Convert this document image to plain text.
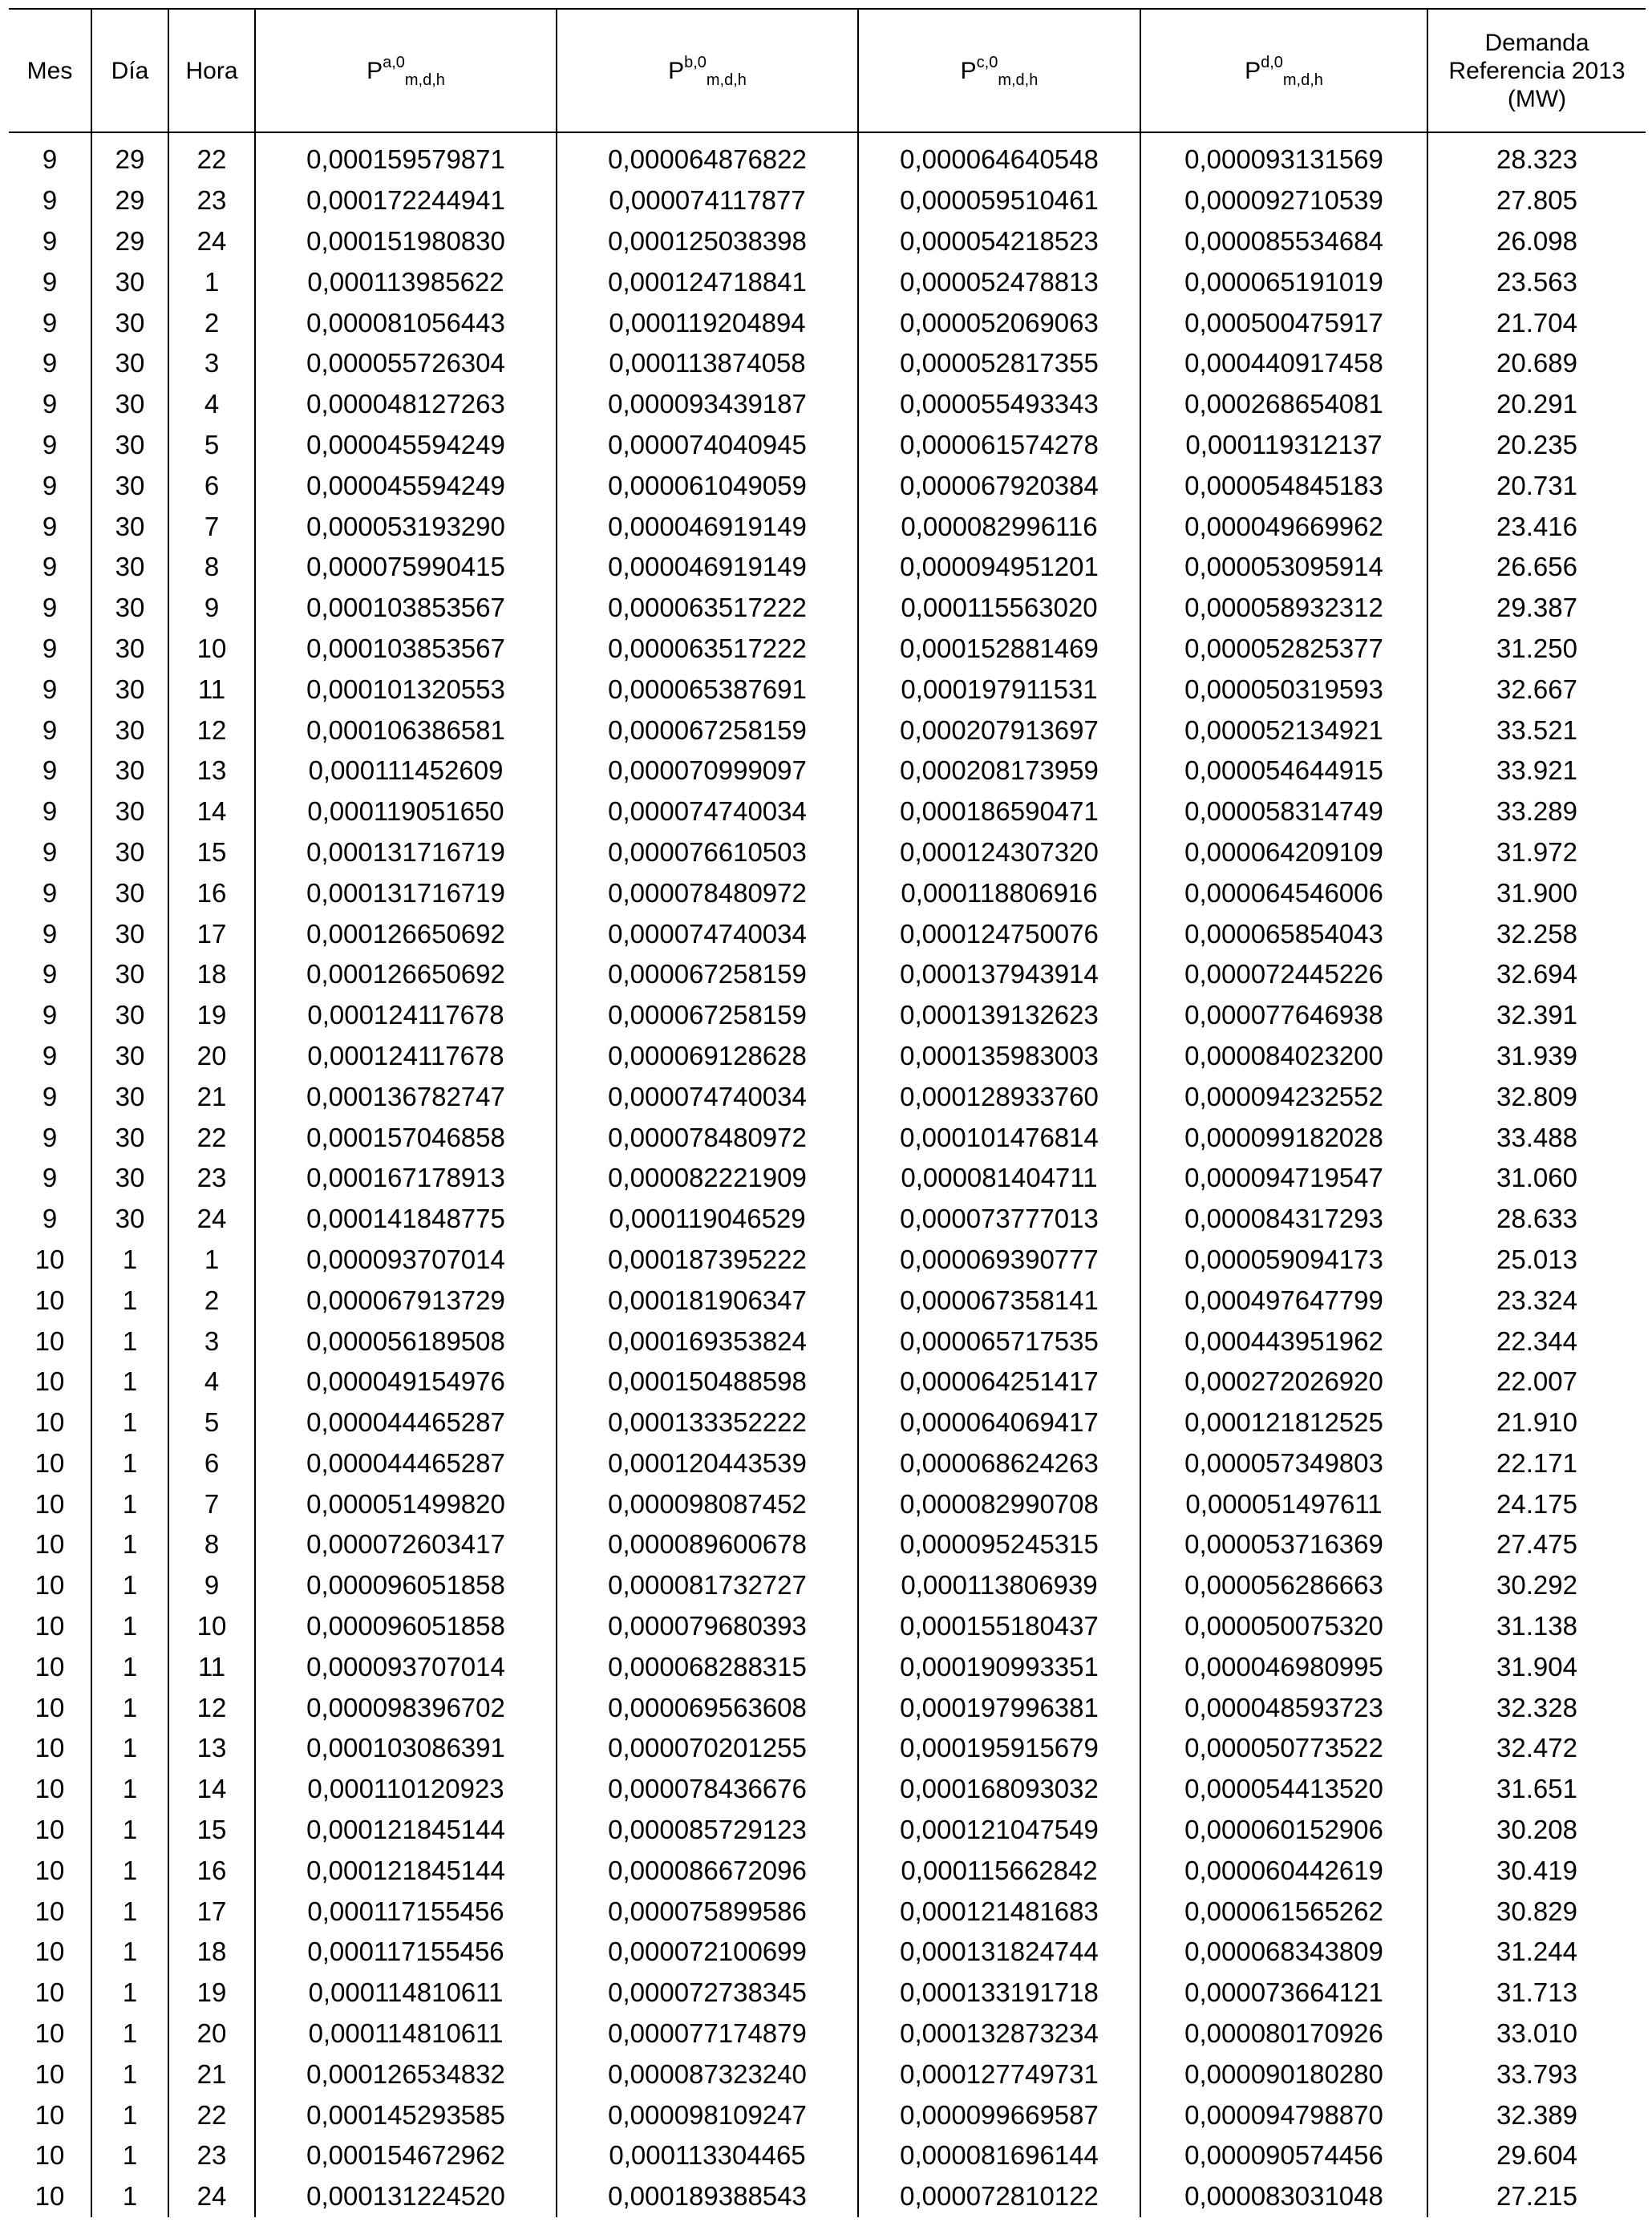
Mes	Día	Hora	P$^{a,0}_{m,d,h}$	P$^{b,0}_{m,d,h}$	P$^{c,0}_{m,d,h}$	P$^{d,0}_{m,d,h}$	Demanda
Referencia 2013
(MW)

9	29	22	0,000159579871	0,000064876822	0,000064640548	0,000093131569	28.323
9	29	23	0,000172244941	0,000074117877	0,000059510461	0,000092710539	27.805
9	29	24	0,000151980830	0,000125038398	0,000054218523	0,000085534684	26.098
9	30	1	0,000113985622	0,000124718841	0,000052478813	0,000065191019	23.563
9	30	2	0,000081056443	0,000119204894	0,000052069063	0,000500475917	21.704
9	30	3	0,000055726304	0,000113874058	0,000052817355	0,000440917458	20.689
9	30	4	0,000048127263	0,000093439187	0,000055493343	0,000268654081	20.291
9	30	5	0,000045594249	0,000074040945	0,000061574278	0,000119312137	20.235
9	30	6	0,000045594249	0,000061049059	0,000067920384	0,000054845183	20.731
9	30	7	0,000053193290	0,000046919149	0,000082996116	0,000049669962	23.416
9	30	8	0,000075990415	0,000046919149	0,000094951201	0,000053095914	26.656
9	30	9	0,000103853567	0,000063517222	0,000115563020	0,000058932312	29.387
9	30	10	0,000103853567	0,000063517222	0,000152881469	0,000052825377	31.250
9	30	11	0,000101320553	0,000065387691	0,000197911531	0,000050319593	32.667
9	30	12	0,000106386581	0,000067258159	0,000207913697	0,000052134921	33.521
9	30	13	0,000111452609	0,000070999097	0,000208173959	0,000054644915	33.921
9	30	14	0,000119051650	0,000074740034	0,000186590471	0,000058314749	33.289
9	30	15	0,000131716719	0,000076610503	0,000124307320	0,000064209109	31.972
9	30	16	0,000131716719	0,000078480972	0,000118806916	0,000064546006	31.900
9	30	17	0,000126650692	0,000074740034	0,000124750076	0,000065854043	32.258
9	30	18	0,000126650692	0,000067258159	0,000137943914	0,000072445226	32.694
9	30	19	0,000124117678	0,000067258159	0,000139132623	0,000077646938	32.391
9	30	20	0,000124117678	0,000069128628	0,000135983003	0,000084023200	31.939
9	30	21	0,000136782747	0,000074740034	0,000128933760	0,000094232552	32.809
9	30	22	0,000157046858	0,000078480972	0,000101476814	0,000099182028	33.488
9	30	23	0,000167178913	0,000082221909	0,000081404711	0,000094719547	31.060
9	30	24	0,000141848775	0,000119046529	0,000073777013	0,000084317293	28.633
10	1	1	0,000093707014	0,000187395222	0,000069390777	0,000059094173	25.013
10	1	2	0,000067913729	0,000181906347	0,000067358141	0,000497647799	23.324
10	1	3	0,000056189508	0,000169353824	0,000065717535	0,000443951962	22.344
10	1	4	0,000049154976	0,000150488598	0,000064251417	0,000272026920	22.007
10	1	5	0,000044465287	0,000133352222	0,000064069417	0,000121812525	21.910
10	1	6	0,000044465287	0,000120443539	0,000068624263	0,000057349803	22.171
10	1	7	0,000051499820	0,000098087452	0,000082990708	0,000051497611	24.175
10	1	8	0,000072603417	0,000089600678	0,000095245315	0,000053716369	27.475
10	1	9	0,000096051858	0,000081732727	0,000113806939	0,000056286663	30.292
10	1	10	0,000096051858	0,000079680393	0,000155180437	0,000050075320	31.138
10	1	11	0,000093707014	0,000068288315	0,000190993351	0,000046980995	31.904
10	1	12	0,000098396702	0,000069563608	0,000197996381	0,000048593723	32.328
10	1	13	0,000103086391	0,000070201255	0,000195915679	0,000050773522	32.472
10	1	14	0,000110120923	0,000078436676	0,000168093032	0,000054413520	31.651
10	1	15	0,000121845144	0,000085729123	0,000121047549	0,000060152906	30.208
10	1	16	0,000121845144	0,000086672096	0,000115662842	0,000060442619	30.419
10	1	17	0,000117155456	0,000075899586	0,000121481683	0,000061565262	30.829
10	1	18	0,000117155456	0,000072100699	0,000131824744	0,000068343809	31.244
10	1	19	0,000114810611	0,000072738345	0,000133191718	0,000073664121	31.713
10	1	20	0,000114810611	0,000077174879	0,000132873234	0,000080170926	33.010
10	1	21	0,000126534832	0,000087323240	0,000127749731	0,000090180280	33.793
10	1	22	0,000145293585	0,000098109247	0,000099669587	0,000094798870	32.389
10	1	23	0,000154672962	0,000113304465	0,000081696144	0,000090574456	29.604
10	1	24	0,000131224520	0,000189388543	0,000072810122	0,000083031048	27.215
